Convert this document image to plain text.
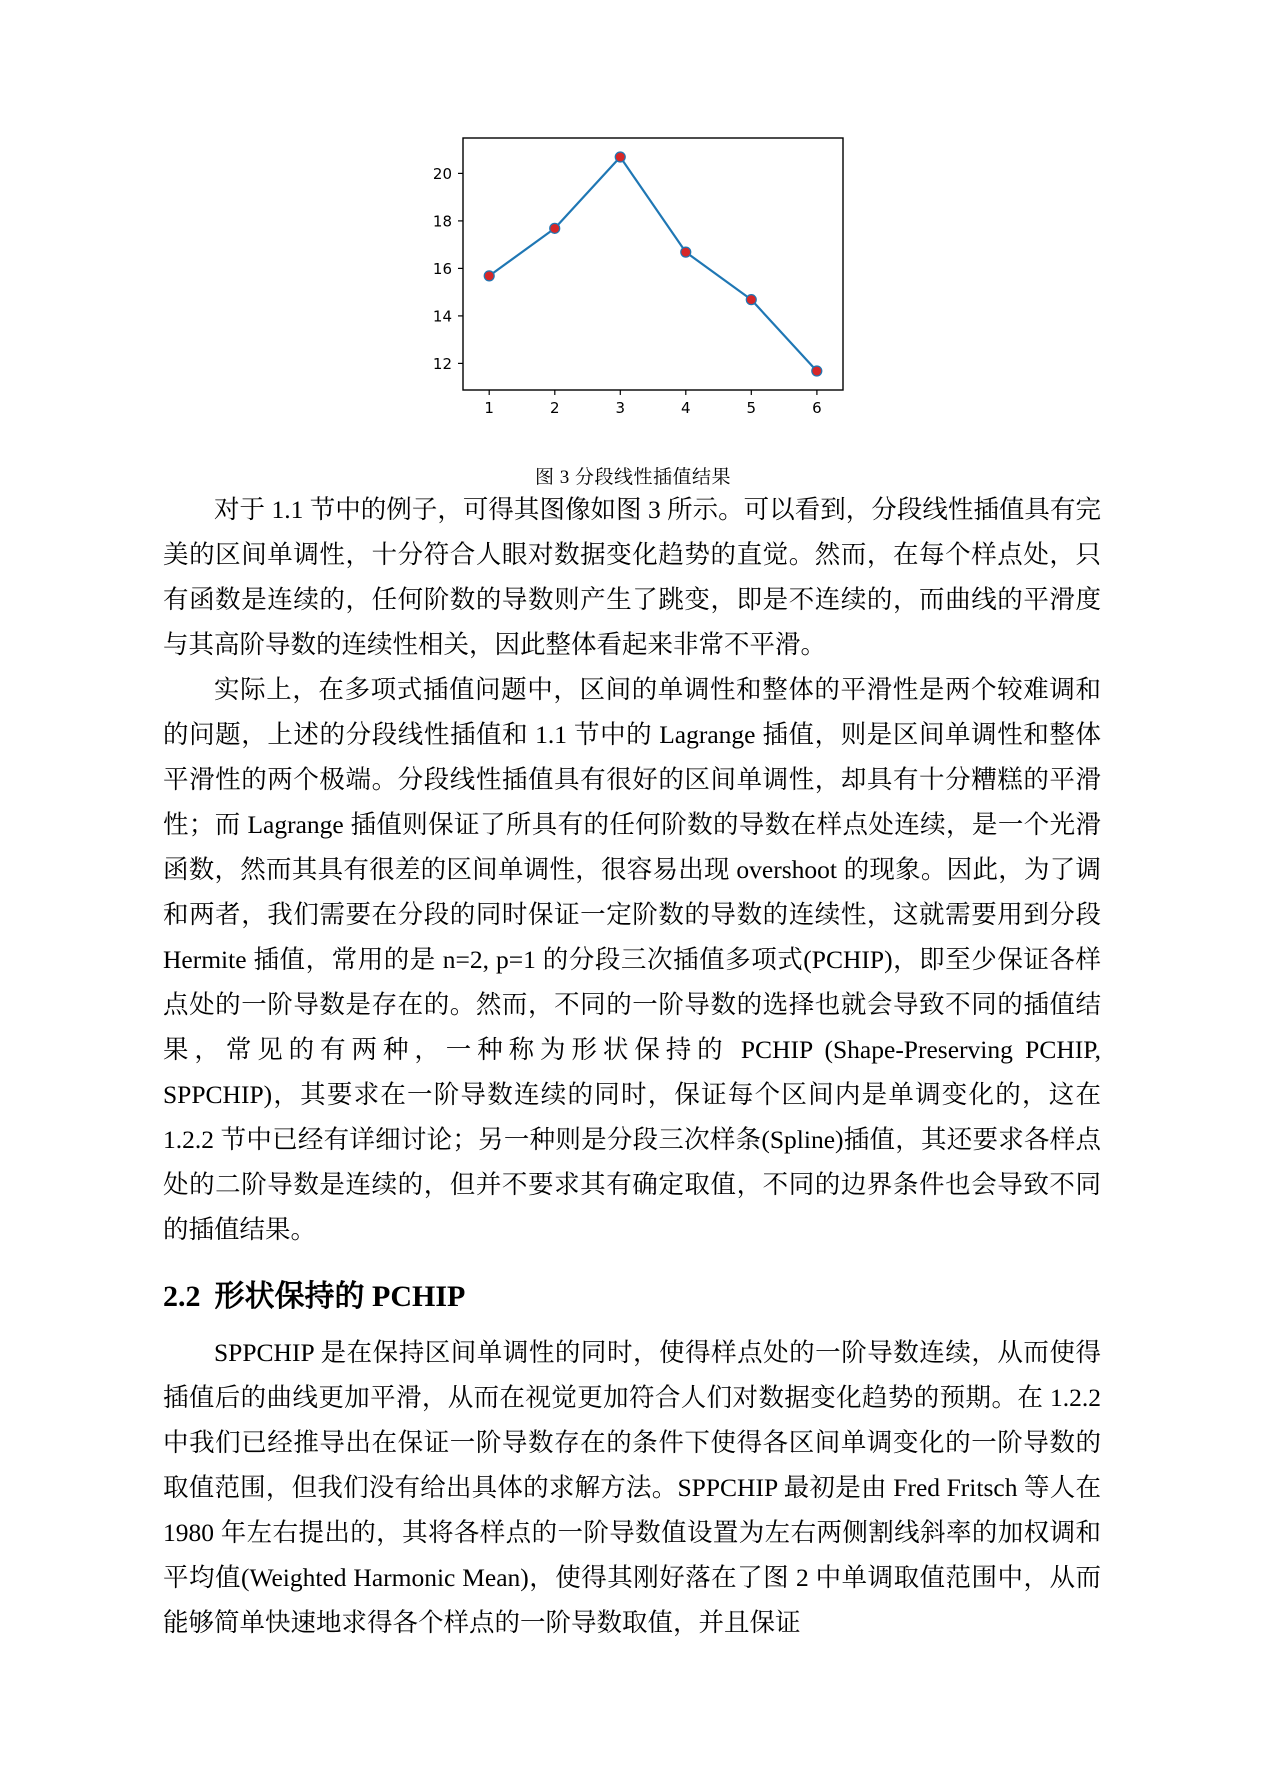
20
18
16
14
12
1	2	3	4	5	6
图 3 分段线性插值结果

对于 1.1 节中的例子，可得其图像如图 3 所示。可以看到，分段线性插值具有完美的区间单调性，十分符合人眼对数据变化趋势的直觉。然而，在每个样点处，只有函数是连续的，任何阶数的导数则产生了跳变，即是不连续的，而曲线的平滑度与其高阶导数的连续性相关，因此整体看起来非常不平滑。

实际上，在多项式插值问题中，区间的单调性和整体的平滑性是两个较难调和的问题，上述的分段线性插值和 1.1 节中的 Lagrange 插值，则是区间单调性和整体平滑性的两个极端。分段线性插值具有很好的区间单调性，却具有十分糟糕的平滑性；而 Lagrange 插值则保证了所具有的任何阶数的导数在样点处连续，是一个光滑函数，然而其具有很差的区间单调性，很容易出现 overshoot 的现象。因此，为了调和两者，我们需要在分段的同时保证一定阶数的导数的连续性，这就需要用到分段 Hermite 插值，常用的是 n=2, p=1 的分段三次插值多项式(PCHIP)，即至少保证各样点处的一阶导数是存在的。然而，不同的一阶导数的选择也就会导致不同的插值结果，常见的有两种，一种称为形状保持的 PCHIP (Shape-Preserving PCHIP, SPPCHIP)，其要求在一阶导数连续的同时，保证每个区间内是单调变化的，这在 1.2.2 节中已经有详细讨论；另一种则是分段三次样条(Spline)插值，其还要求各样点处的二阶导数是连续的，但并不要求其有确定取值，不同的边界条件也会导致不同的插值结果。

2.2 形状保持的 PCHIP

SPPCHIP 是在保持区间单调性的同时，使得样点处的一阶导数连续，从而使得插值后的曲线更加平滑，从而在视觉更加符合人们对数据变化趋势的预期。在 1.2.2 中我们已经推导出在保证一阶导数存在的条件下使得各区间单调变化的一阶导数的取值范围，但我们没有给出具体的求解方法。SPPCHIP 最初是由 Fred Fritsch 等人在 1980 年左右提出的，其将各样点的一阶导数值设置为左右两侧割线斜率的加权调和平均值(Weighted Harmonic Mean)，使得其刚好落在了图 2 中单调取值范围中，从而能够简单快速地求得各个样点的一阶导数取值，并且保证
